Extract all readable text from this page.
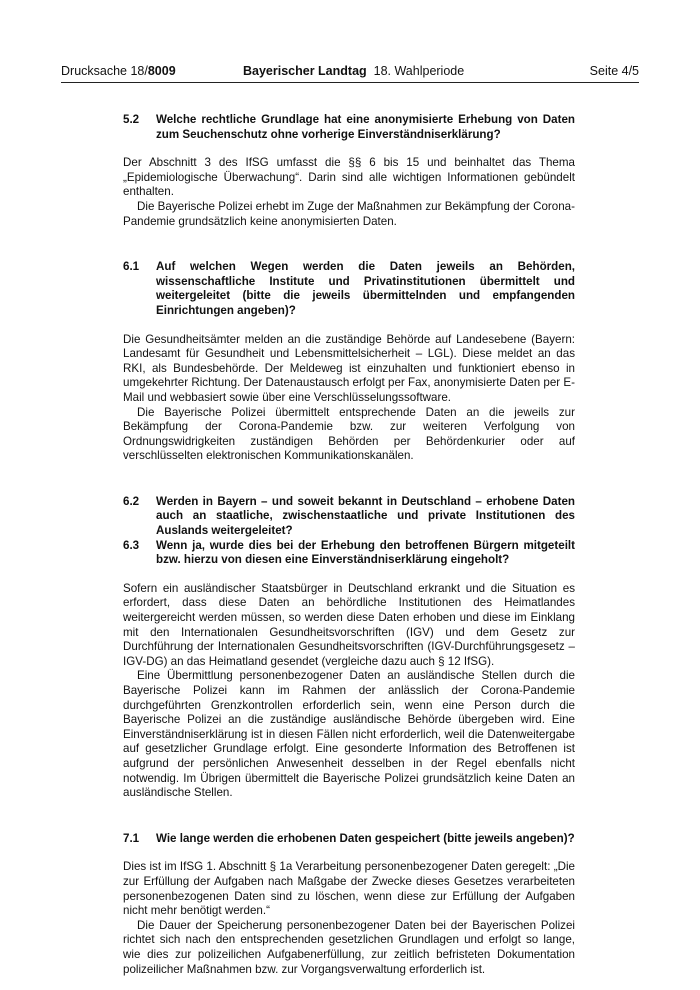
Drucksache 18/8009	Bayerischer Landtag 18. Wahlperiode	Seite 4/5

5.2 Welche rechtliche Grundlage hat eine anonymisierte Erhebung von Daten zum Seuchenschutz ohne vorherige Einverständniserklärung?

Der Abschnitt 3 des IfSG umfasst die §§ 6 bis 15 und beinhaltet das Thema „Epidemiologische Überwachung“. Darin sind alle wichtigen Informationen gebündelt enthalten.

Die Bayerische Polizei erhebt im Zuge der Maßnahmen zur Bekämpfung der Corona-Pandemie grundsätzlich keine anonymisierten Daten.

6.1 Auf welchen Wegen werden die Daten jeweils an Behörden, wissenschaftliche Institute und Privatinstitutionen übermittelt und weitergeleitet (bitte die jeweils übermittelnden und empfangenden Einrichtungen angeben)?

Die Gesundheitsämter melden an die zuständige Behörde auf Landesebene (Bayern: Landesamt für Gesundheit und Lebensmittelsicherheit – LGL). Diese meldet an das RKI, als Bundesbehörde. Der Meldeweg ist einzuhalten und funktioniert ebenso in umgekehrter Richtung. Der Datenaustausch erfolgt per Fax, anonymisierte Daten per E-Mail und webbasiert sowie über eine Verschlüsselungssoftware.

Die Bayerische Polizei übermittelt entsprechende Daten an die jeweils zur Bekämpfung der Corona-Pandemie bzw. zur weiteren Verfolgung von Ordnungswidrigkeiten zuständigen Behörden per Behördenkurier oder auf verschlüsselten elektronischen Kommunikationskanälen.

6.2 Werden in Bayern – und soweit bekannt in Deutschland – erhobene Daten auch an staatliche, zwischenstaatliche und private Institutionen des Auslands weitergeleitet?

6.3 Wenn ja, wurde dies bei der Erhebung den betroffenen Bürgern mitgeteilt bzw. hierzu von diesen eine Einverständniserklärung eingeholt?

Sofern ein ausländischer Staatsbürger in Deutschland erkrankt und die Situation es erfordert, dass diese Daten an behördliche Institutionen des Heimatlandes weitergereicht werden müssen, so werden diese Daten erhoben und diese im Einklang mit den Internationalen Gesundheitsvorschriften (IGV) und dem Gesetz zur Durchführung der Internationalen Gesundheitsvorschriften (IGV-Durchführungsgesetz – IGV-DG) an das Heimatland gesendet (vergleiche dazu auch § 12 IfSG).

Eine Übermittlung personenbezogener Daten an ausländische Stellen durch die Bayerische Polizei kann im Rahmen der anlässlich der Corona-Pandemie durchgeführten Grenzkontrollen erforderlich sein, wenn eine Person durch die Bayerische Polizei an die zuständige ausländische Behörde übergeben wird. Eine Einverständniserklärung ist in diesen Fällen nicht erforderlich, weil die Datenweitergabe auf gesetzlicher Grundlage erfolgt. Eine gesonderte Information des Betroffenen ist aufgrund der persönlichen Anwesenheit desselben in der Regel ebenfalls nicht notwendig. Im Übrigen übermittelt die Bayerische Polizei grundsätzlich keine Daten an ausländische Stellen.

7.1 Wie lange werden die erhobenen Daten gespeichert (bitte jeweils angeben)?

Dies ist im IfSG 1. Abschnitt § 1a Verarbeitung personenbezogener Daten geregelt: „Die zur Erfüllung der Aufgaben nach Maßgabe der Zwecke dieses Gesetzes verarbeiteten personenbezogenen Daten sind zu löschen, wenn diese zur Erfüllung der Aufgaben nicht mehr benötigt werden.“

Die Dauer der Speicherung personenbezogener Daten bei der Bayerischen Polizei richtet sich nach den entsprechenden gesetzlichen Grundlagen und erfolgt so lange, wie dies zur polizeilichen Aufgabenerfüllung, zur zeitlich befristeten Dokumentation polizeilicher Maßnahmen bzw. zur Vorgangsverwaltung erforderlich ist.
